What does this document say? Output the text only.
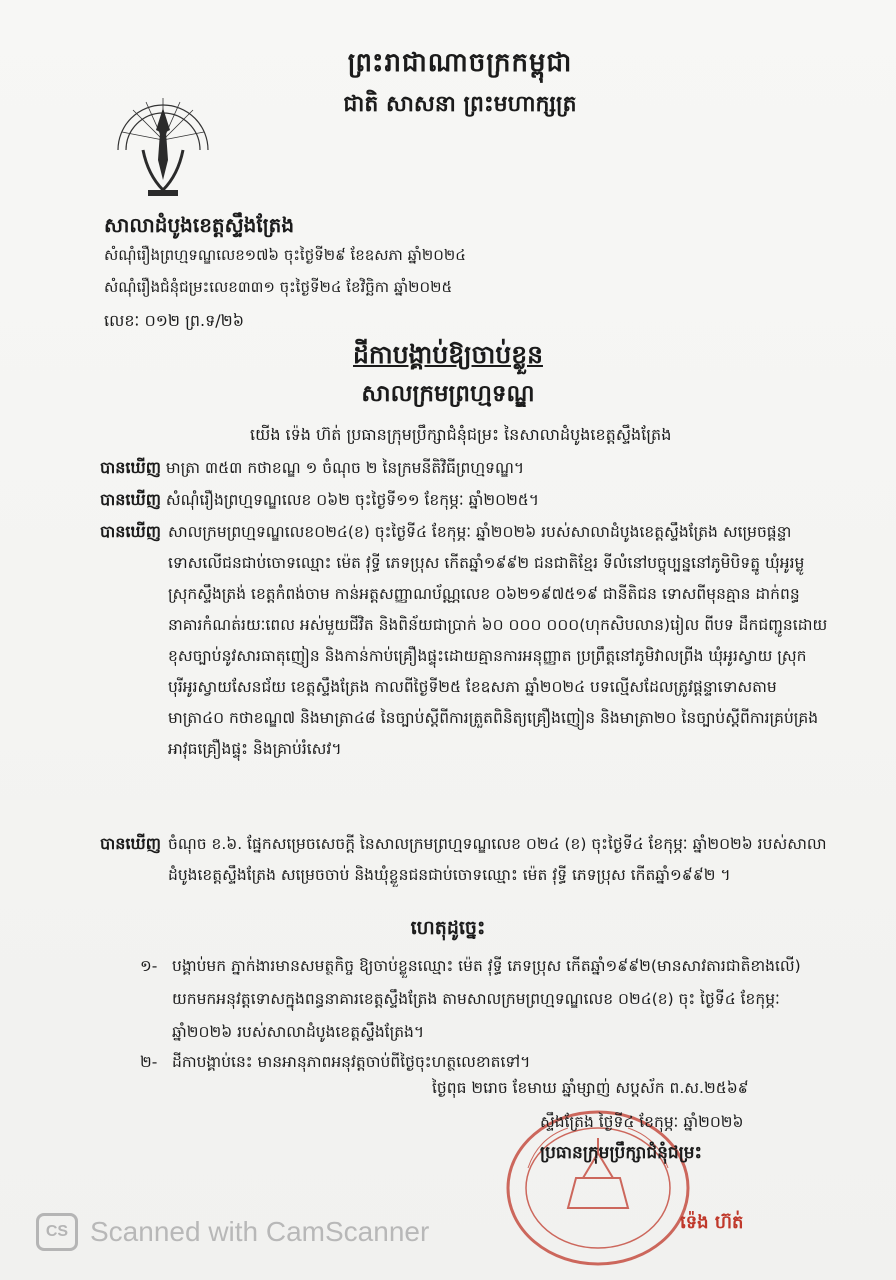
ព្រះរាជាណាចក្រកម្ពុជា
ជាតិ សាសនា ព្រះមហាក្សត្រ
សាលាដំបូងខេត្តស្ទឹងត្រែង
សំណុំរឿងព្រហ្មទណ្ឌលេខ១៧៦ ចុះថ្ងៃទី២៩ ខែឧសភា ឆ្នាំ២០២៤
សំណុំរឿងជំនុំជម្រះលេខ៣៣១ ចុះថ្ងៃទី២៤ ខែវិច្ឆិកា ឆ្នាំ២០២៥
លេខៈ ០១២ ព្រ.ទ/២៦
ដីកាបង្គាប់ឱ្យចាប់ខ្លួន
សាលក្រមព្រហ្មទណ្ឌ
យើង ទ៉េង ហ៊ត់ ប្រធានក្រុមប្រឹក្សាជំនុំជម្រះ នៃសាលាដំបូងខេត្តស្ទឹងត្រែង
បានឃើញ មាត្រា ៣៥៣ កថាខណ្ឌ ១ ចំណុច ២ នៃក្រមនីតិវិធីព្រហ្មទណ្ឌ។
បានឃើញ សំណុំរឿងព្រហ្មទណ្ឌលេខ ០៦២ ចុះថ្ងៃទី១១ ខែកុម្ភៈ ឆ្នាំ២០២៥។
បានឃើញ សាលក្រមព្រហ្មទណ្ឌលេខ០២៤(ខ) ចុះថ្ងៃទី៤ ខែកុម្ភៈ ឆ្នាំ២០២៦ របស់សាលាដំបូងខេត្តស្ទឹងត្រែង សម្រេចផ្ដន្ទាទោសលើជនជាប់ចោទឈ្មោះ ម៉េត វុទ្ធី ភេទប្រុស កើតឆ្នាំ១៩៩២ ជនជាតិខ្មែរ ទីលំនៅបច្ចុប្បន្ននៅភូមិបិទត្នូ ឃុំអូរម្លូ ស្រុកស្ទឹងត្រង់ ខេត្តកំពង់ចាម កាន់អត្តសញ្ញាណប័ណ្ណលេខ ០៦២១៩៧៥១៩ ជានីតិជន ទោសពីមុនគ្មាន ដាក់ពន្ធនាគារកំណត់រយៈពេល អស់មួយជីវិត និងពិន័យជាប្រាក់ ៦០ ០០០ ០០០(ហុកសិបលាន)រៀល ពីបទ ដឹកជញ្ជូនដោយខុសច្បាប់នូវសារធាតុញៀន និងកាន់កាប់គ្រឿងផ្ទុះដោយគ្មានការអនុញ្ញាត ប្រព្រឹត្តនៅភូមិវាលព្រីង ឃុំអូរស្វាយ ស្រុកបុរីអូរស្វាយសែនជ័យ ខេត្តស្ទឹងត្រែង កាលពីថ្ងៃទី២៥ ខែឧសភា ឆ្នាំ២០២៤ បទល្មើសដែលត្រូវផ្ដន្ទាទោសតាមមាត្រា៤០ កថាខណ្ឌ៧ និងមាត្រា៤៨ នៃច្បាប់ស្ដីពីការត្រួតពិនិត្យគ្រឿងញៀន និងមាត្រា២០ នៃច្បាប់ស្ដីពីការគ្រប់គ្រងអាវុធគ្រឿងផ្ទុះ និងគ្រាប់រំសេវ។
បានឃើញ ចំណុច ខ.៦. ផ្នែកសម្រេចសេចក្ដី នៃសាលក្រមព្រហ្មទណ្ឌលេខ ០២៤ (ខ) ចុះថ្ងៃទី៤ ខែកុម្ភៈ ឆ្នាំ២០២៦ របស់សាលាដំបូងខេត្តស្ទឹងត្រែង សម្រេចចាប់ និងឃុំខ្លួនជនជាប់ចោទឈ្មោះ ម៉េត វុទ្ធី ភេទប្រុស កើតឆ្នាំ១៩៩២ ។
ហេតុដូច្នេះ
១- បង្គាប់មក ភ្នាក់ងារមានសមត្ថកិច្ច ឱ្យចាប់ខ្លួនឈ្មោះ ម៉េត វុទ្ធី ភេទប្រុស កើតឆ្នាំ១៩៩២(មានសាវតារជាតិខាងលើ) យកមកអនុវត្តទោសក្នុងពន្ធនាគារខេត្តស្ទឹងត្រែង តាមសាលក្រមព្រហ្មទណ្ឌលេខ ០២៤(ខ) ចុះ ថ្ងៃទី៤ ខែកុម្ភៈ ឆ្នាំ២០២៦ របស់សាលាដំបូងខេត្តស្ទឹងត្រែង។
២- ដីកាបង្គាប់នេះ មានអានុភាពអនុវត្តចាប់ពីថ្ងៃចុះហត្ថលេខាតទៅ។
ថ្ងៃពុធ ២រោច ខែមាឃ ឆ្នាំម្សាញ់ សប្តស័ក ព.ស.២៥៦៩
ស្ទឹងត្រែង ថ្ងៃទី៤ ខែកុម្ភៈ ឆ្នាំ២០២៦
ប្រធានក្រុមប្រឹក្សាជំនុំជម្រះ
ទ៉េង ហ៊ត់
CS Scanned with CamScanner
